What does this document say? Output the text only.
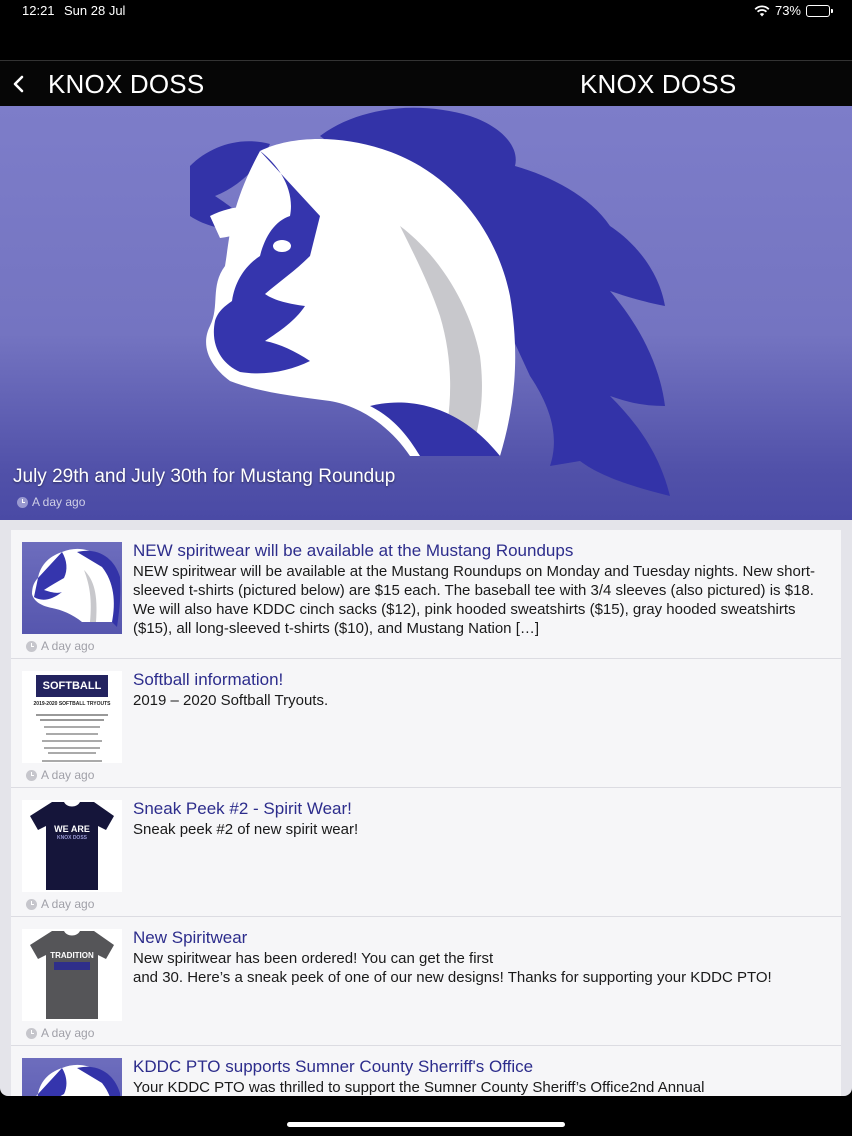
12:21 Sun 28 Jul	73%
KNOX DOSS	KNOX DOSS
July 29th and July 30th for Mustang Roundup
A day ago
NEW spiritwear will be available at the Mustang Roundups

NEW spiritwear will be available at the Mustang Roundups on Monday and Tuesday nights. New short-sleeved t-shirts (pictured below) are $15 each. The baseball tee with 3/4 sleeves (also pictured) is $18. We will also have KDDC cinch sacks ($12), pink hooded sweatshirts ($15), gray hooded sweatshirts ($15), all long-sleeved t-shirts ($10), and Mustang Nation […]

A day ago
SOFTBALL
2019-2020 SOFTBALL TRYOUTS
Softball information!

2019 – 2020 Softball Tryouts.

A day ago
WE ARE
KNOX DOSS
Sneak Peek #2 - Spirit Wear!

Sneak peek #2 of new spirit wear!

A day ago
TRADITION
New Spiritwear

New spiritwear has been ordered! You can get the first
and 30. Here’s a sneak peek of one of our new designs! Thanks for supporting your KDDC PTO!

A day ago
KDDC PTO supports Sumner County Sherriff's Office

Your KDDC PTO was thrilled to support the Sumner County Sheriff’s Office2nd Annual
